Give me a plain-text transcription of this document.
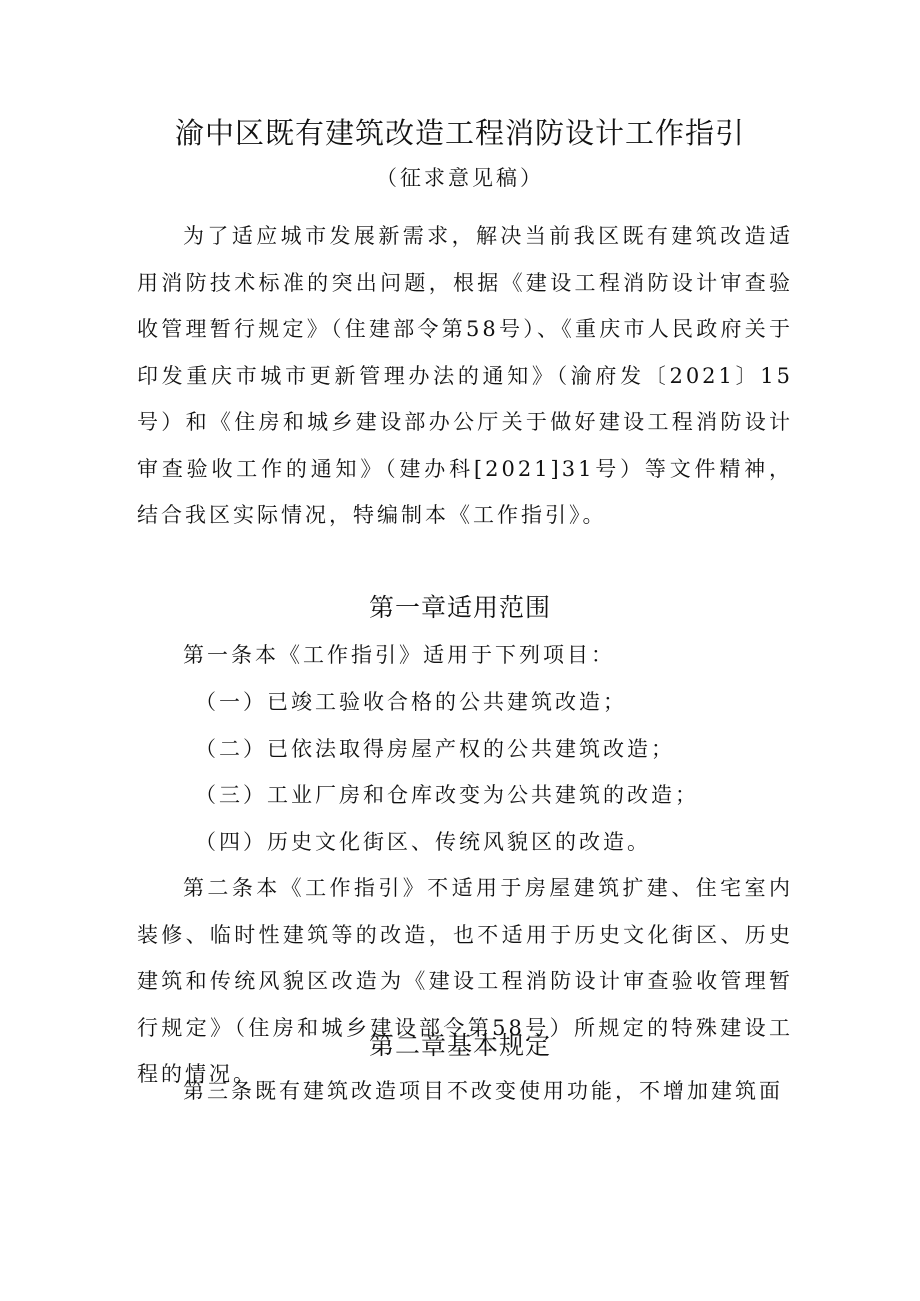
渝中区既有建筑改造工程消防设计工作指引
（征求意见稿）

为了适应城市发展新需求，解决当前我区既有建筑改造适用消防技术标准的突出问题，根据《建设工程消防设计审查验收管理暂行规定》（住建部令第58号）、《重庆市人民政府关于印发重庆市城市更新管理办法的通知》（渝府发〔2021〕15号）和《住房和城乡建设部办公厅关于做好建设工程消防设计审查验收工作的通知》（建办科[2021]31号）等文件精神，结合我区实际情况，特编制本《工作指引》。

第一章适用范围
第一条本《工作指引》适用于下列项目：
（一）已竣工验收合格的公共建筑改造；
（二）已依法取得房屋产权的公共建筑改造；
（三）工业厂房和仓库改变为公共建筑的改造；
（四）历史文化街区、传统风貌区的改造。

第二条本《工作指引》不适用于房屋建筑扩建、住宅室内装修、临时性建筑等的改造，也不适用于历史文化街区、历史建筑和传统风貌区改造为《建设工程消防设计审查验收管理暂行规定》（住房和城乡建设部令第58号）所规定的特殊建设工程的情况。

第二章基本规定

第三条既有建筑改造项目不改变使用功能，不增加建筑面
